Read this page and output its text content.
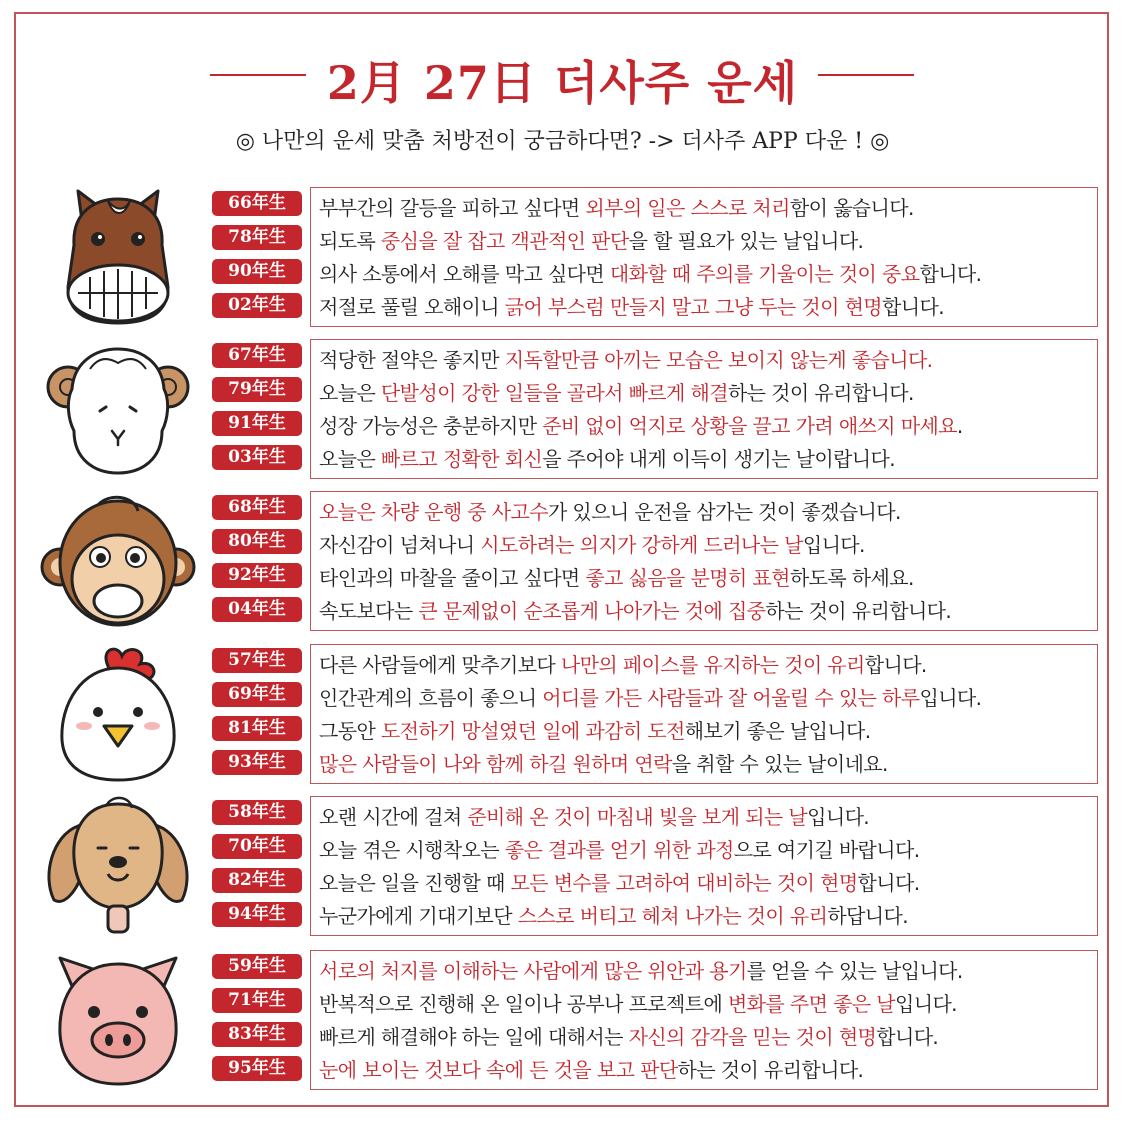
2月 27日 더사주 운세
◎ 나만의 운세 맞춤 처방전이 궁금하다면? -> 더사주 APP 다운 ! ◎
66年生
78年生
90年生
02年生
부부간의 갈등을 피하고 싶다면 외부의 일은 스스로 처리함이 옳습니다.
되도록 중심을 잘 잡고 객관적인 판단을 할 필요가 있는 날입니다.
의사 소통에서 오해를 막고 싶다면 대화할 때 주의를 기울이는 것이 중요합니다.
저절로 풀릴 오해이니 긁어 부스럼 만들지 말고 그냥 두는 것이 현명합니다.
67年生
79年生
91年生
03年生
적당한 절약은 좋지만 지독할만큼 아끼는 모습은 보이지 않는게 좋습니다.
오늘은 단발성이 강한 일들을 골라서 빠르게 해결하는 것이 유리합니다.
성장 가능성은 충분하지만 준비 없이 억지로 상황을 끌고 가려 애쓰지 마세요.
오늘은 빠르고 정확한 회신을 주어야 내게 이득이 생기는 날이랍니다.
68年生
80年生
92年生
04年生
오늘은 차량 운행 중 사고수가 있으니 운전을 삼가는 것이 좋겠습니다.
자신감이 넘쳐나니 시도하려는 의지가 강하게 드러나는 날입니다.
타인과의 마찰을 줄이고 싶다면 좋고 싫음을 분명히 표현하도록 하세요.
속도보다는 큰 문제없이 순조롭게 나아가는 것에 집중하는 것이 유리합니다.
57年生
69年生
81年生
93年生
다른 사람들에게 맞추기보다 나만의 페이스를 유지하는 것이 유리합니다.
인간관계의 흐름이 좋으니 어디를 가든 사람들과 잘 어울릴 수 있는 하루입니다.
그동안 도전하기 망설였던 일에 과감히 도전해보기 좋은 날입니다.
많은 사람들이 나와 함께 하길 원하며 연락을 취할 수 있는 날이네요.
58年生
70年生
82年生
94年生
오랜 시간에 걸쳐 준비해 온 것이 마침내 빛을 보게 되는 날입니다.
오늘 겪은 시행착오는 좋은 결과를 얻기 위한 과정으로 여기길 바랍니다.
오늘은 일을 진행할 때 모든 변수를 고려하여 대비하는 것이 현명합니다.
누군가에게 기대기보단 스스로 버티고 헤쳐 나가는 것이 유리하답니다.
59年生
71年生
83年生
95年生
서로의 처지를 이해하는 사람에게 많은 위안과 용기를 얻을 수 있는 날입니다.
반복적으로 진행해 온 일이나 공부나 프로젝트에 변화를 주면 좋은 날입니다.
빠르게 해결해야 하는 일에 대해서는 자신의 감각을 믿는 것이 현명합니다.
눈에 보이는 것보다 속에 든 것을 보고 판단하는 것이 유리합니다.
